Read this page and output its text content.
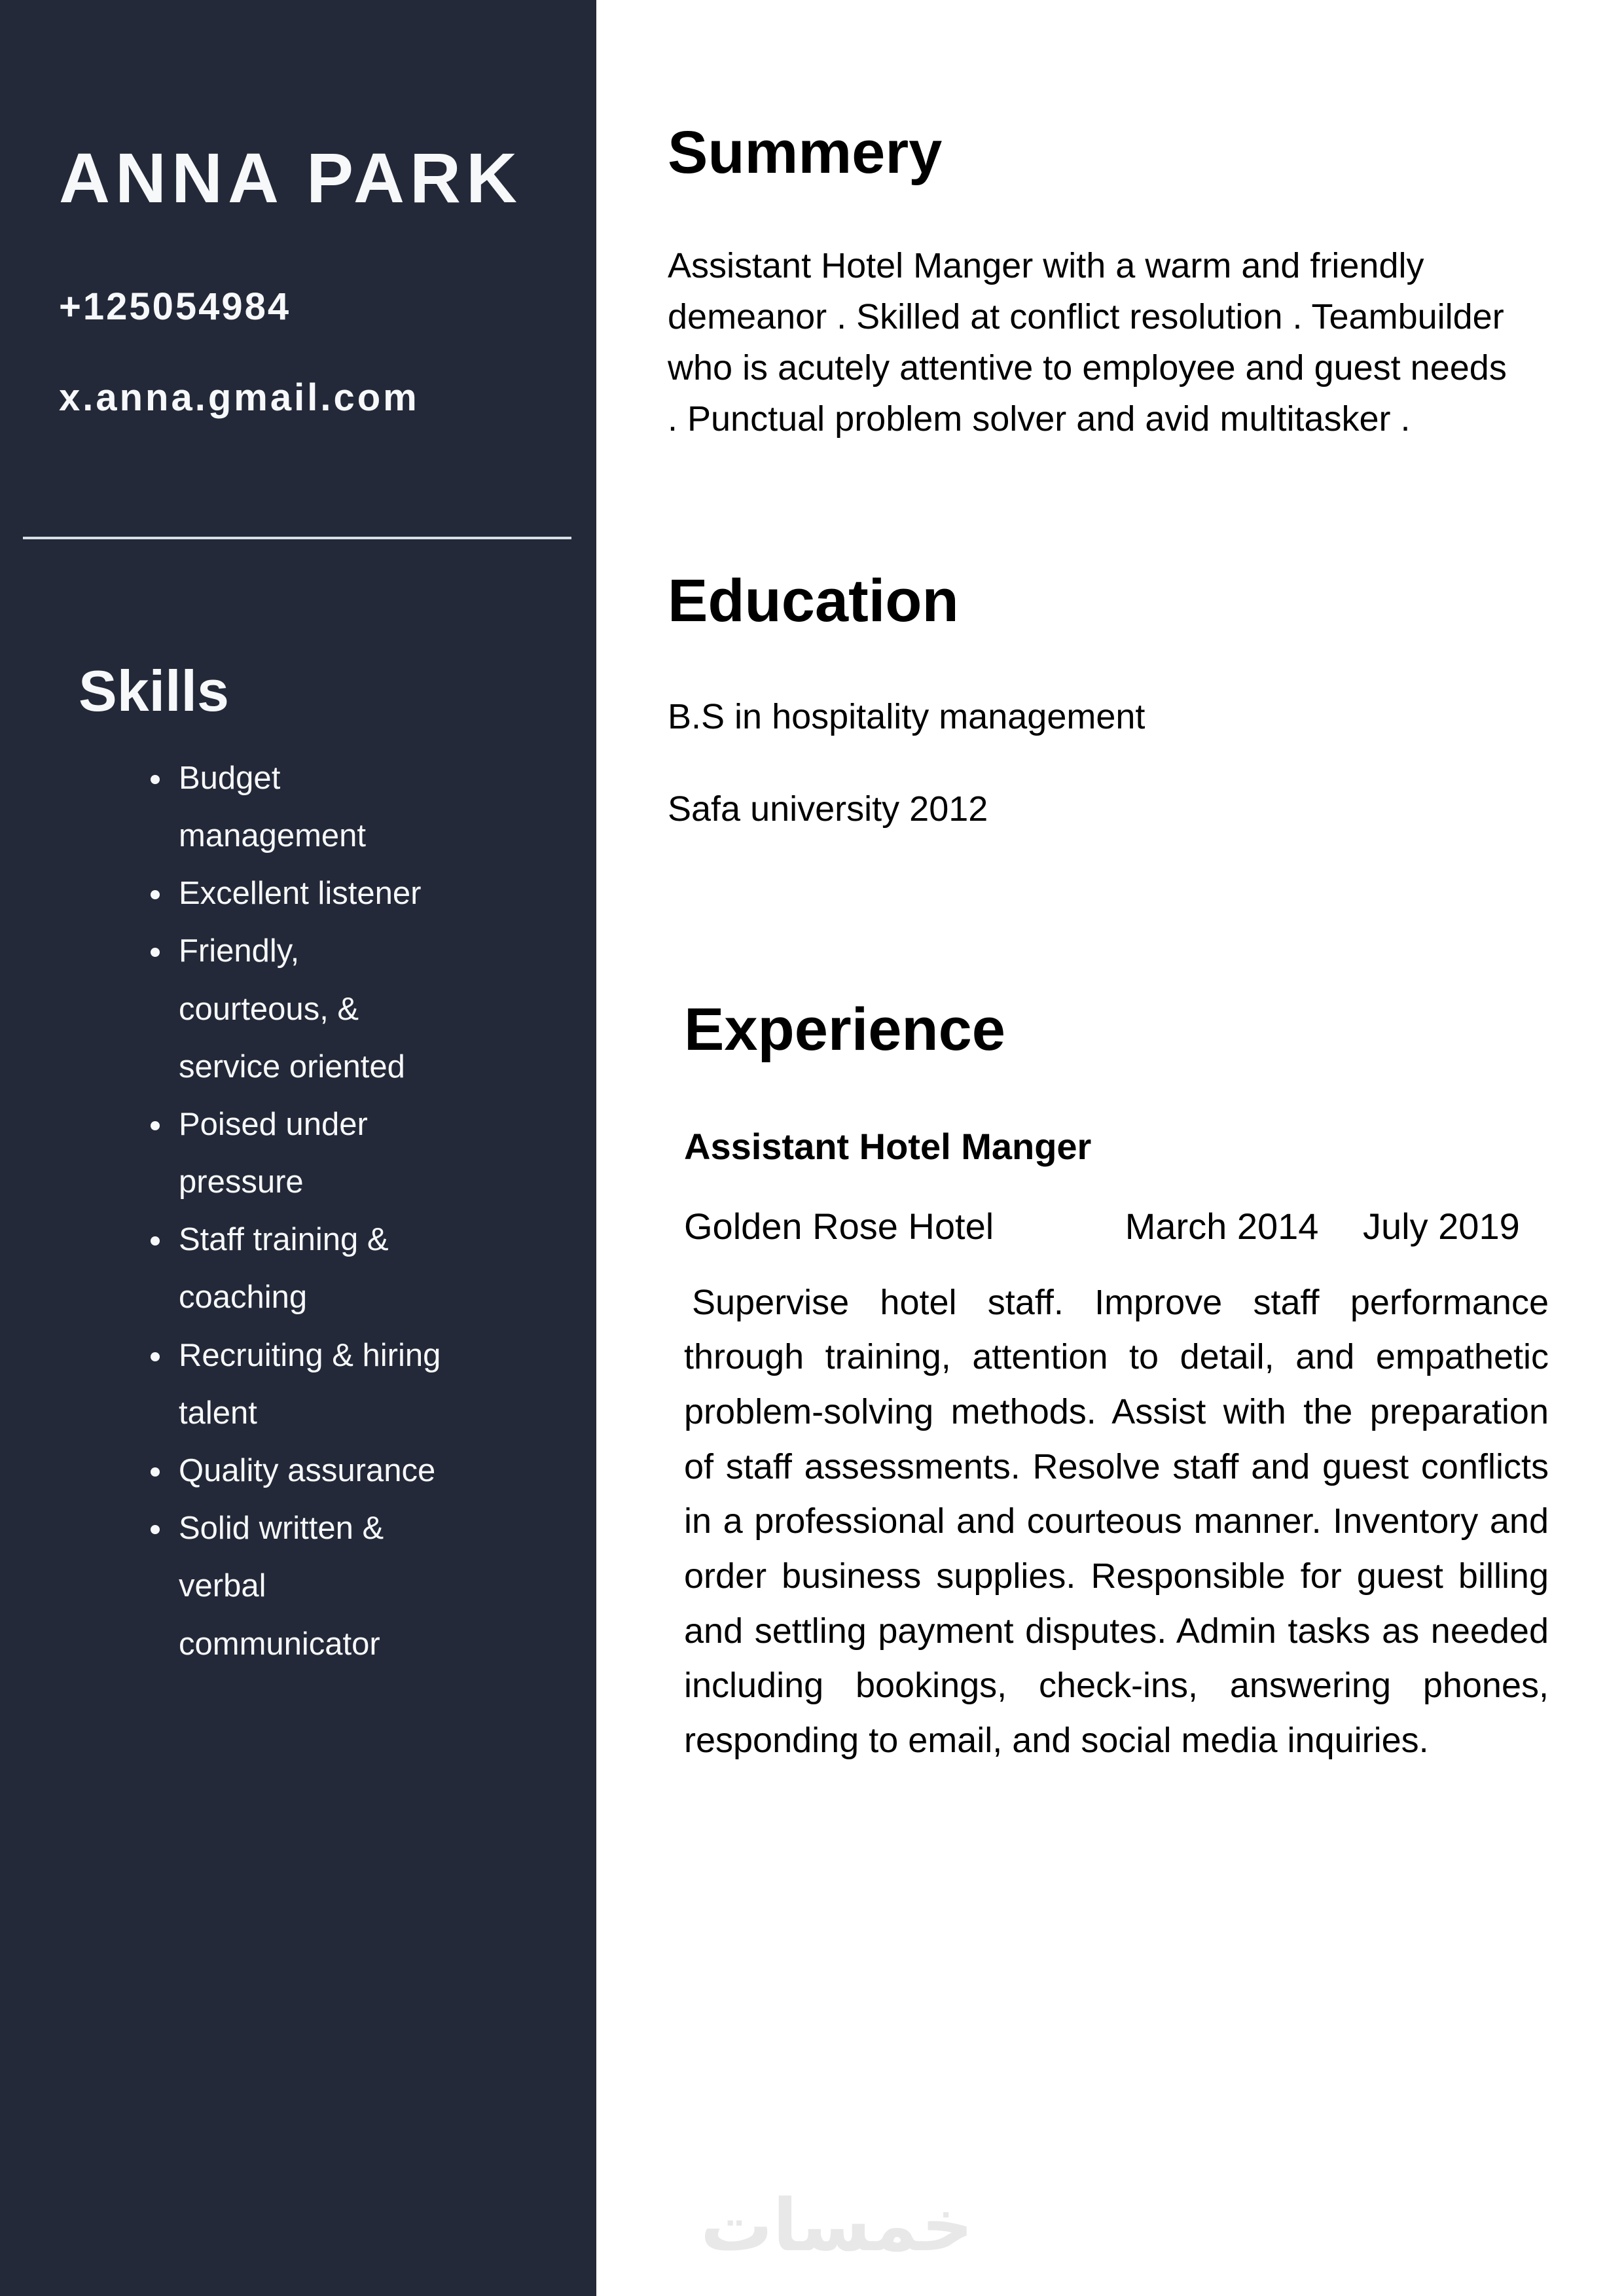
ANNA PARK
+125054984
x.anna.gmail.com
Skills
• Budget management
• Excellent listener
• Friendly, courteous, & service oriented
• Poised under pressure
• Staff training & coaching
• Recruiting & hiring talent
• Quality assurance
• Solid written & verbal communicator
Summery

Assistant Hotel Manger with a warm and friendly demeanor . Skilled at conflict resolution . Teambuilder who is acutely attentive to employee and guest needs . Punctual problem solver and avid multitasker .

Education

B.S in hospitality management

Safa university 2012

Experience

Assistant Hotel Manger

Golden Rose Hotel	March 2014 July 2019

Supervise hotel staff. Improve staff performance through training, attention to detail, and empathetic problem-solving methods. Assist with the preparation of staff assessments. Resolve staff and guest conflicts in a professional and courteous manner. Inventory and order business supplies. Responsible for guest billing and settling payment disputes. Admin tasks as needed including bookings, check-ins, answering phones, responding to email, and social media inquiries.

خمسات
